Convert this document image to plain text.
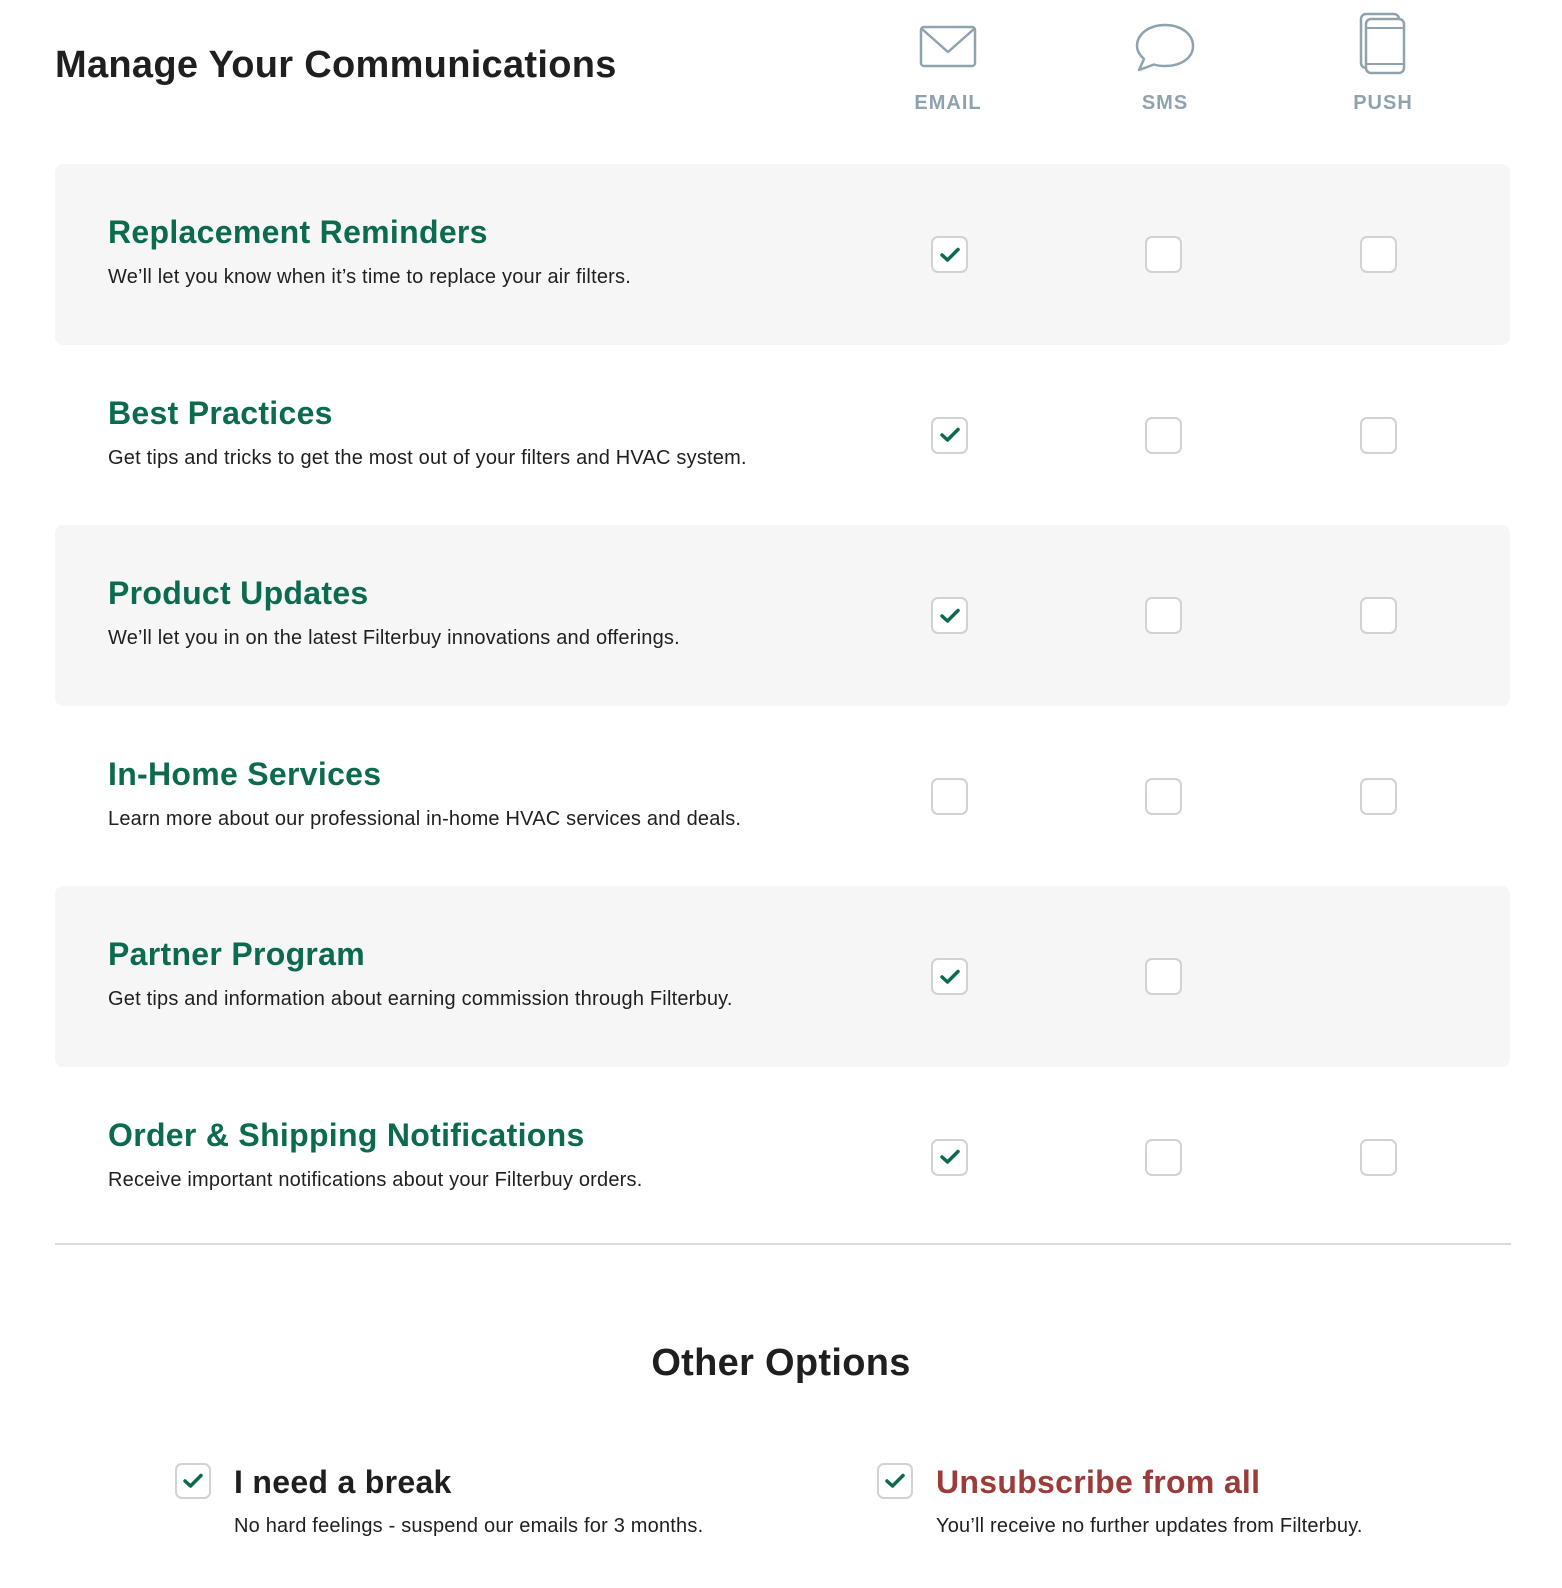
Manage Your Communications
EMAIL	SMS	PUSH
Replacement Reminders
We’ll let you know when it’s time to replace your air filters.
Best Practices
Get tips and tricks to get the most out of your filters and HVAC system.
Product Updates
We’ll let you in on the latest Filterbuy innovations and offerings.
In-Home Services
Learn more about our professional in-home HVAC services and deals.
Partner Program
Get tips and information about earning commission through Filterbuy.
Order & Shipping Notifications
Receive important notifications about your Filterbuy orders.
Other Options
I need a break
No hard feelings - suspend our emails for 3 months.
Unsubscribe from all
You’ll receive no further updates from Filterbuy.
